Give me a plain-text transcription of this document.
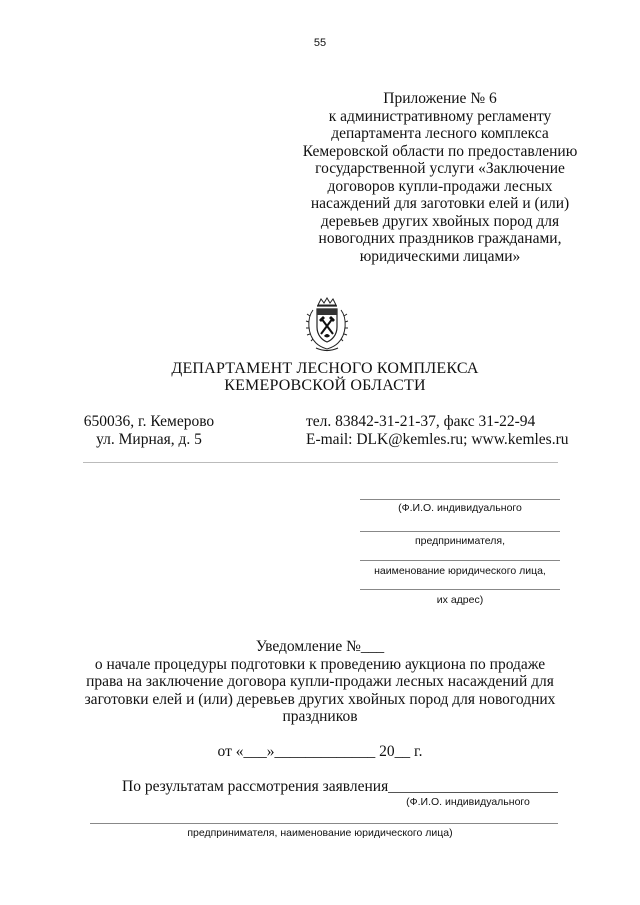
55
Приложение № 6
к административному регламенту
департамента лесного комплекса
Кемеровской области по предоставлению
государственной услуги «Заключение
договоров купли-продажи лесных
насаждений для заготовки елей и (или)
деревьев других хвойных пород для
новогодних праздников гражданами,
юридическими лицами»
ДЕПАРТАМЕНТ ЛЕСНОГО КОМПЛЕКСА
КЕМЕРОВСКОЙ ОБЛАСТИ
650036, г. Кемерово
ул. Мирная, д. 5
тел. 83842-31-21-37, факс 31-22-94
E-mail: DLK@kemles.ru; www.kemles.ru
(Ф.И.О. индивидуального
предпринимателя,
наименование юридического лица,
их адрес)
Уведомление №___
о начале процедуры подготовки к проведению аукциона по продаже
права на заключение договора купли-продажи лесных насаждений для
заготовки елей и (или) деревьев других хвойных пород для новогодних
праздников
от «___»_____________ 20__ г.
По результатам рассмотрения заявления
(Ф.И.О. индивидуального
предпринимателя, наименование юридического лица)
